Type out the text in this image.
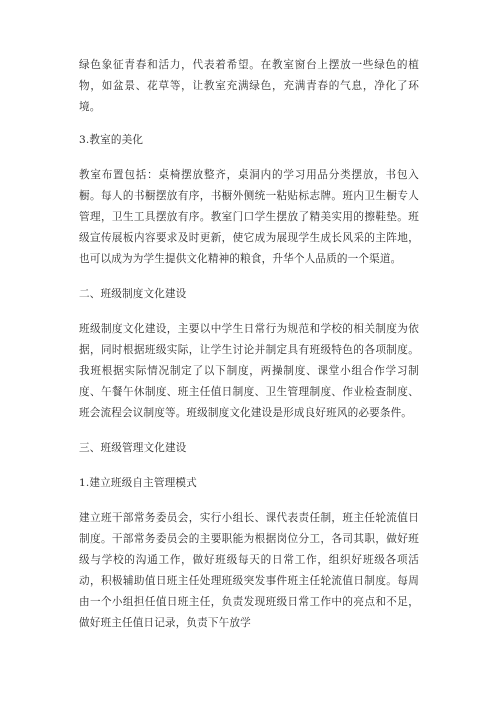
绿色象征青春和活力，代表着希望。在教室窗台上摆放一些绿色的植物，如盆景、花草等，让教室充满绿色，充满青春的气息，净化了环境。

3.教室的美化

教室布置包括：桌椅摆放整齐，桌洞内的学习用品分类摆放，书包入橱。每人的书橱摆放有序，书橱外侧统一粘贴标志牌。班内卫生橱专人管理，卫生工具摆放有序。教室门口学生摆放了精美实用的擦鞋垫。班级宣传展板内容要求及时更新，使它成为展现学生成长风采的主阵地，也可以成为为学生提供文化精神的粮食，升华个人品质的一个渠道。

二、班级制度文化建设

班级制度文化建设，主要以中学生日常行为规范和学校的相关制度为依据，同时根据班级实际，让学生讨论并制定具有班级特色的各项制度。我班根据实际情况制定了以下制度，两操制度、课堂小组合作学习制度、午餐午休制度、班主任值日制度、卫生管理制度、作业检查制度、班会流程会议制度等。班级制度文化建设是形成良好班风的必要条件。

三、班级管理文化建设

1.建立班级自主管理模式

建立班干部常务委员会，实行小组长、课代表责任制，班主任轮流值日制度。干部常务委员会的主要职能为根据岗位分工，各司其职，做好班级与学校的沟通工作，做好班级每天的日常工作，组织好班级各项活动，积极辅助值日班主任处理班级突发事件班主任轮流值日制度。每周由一个小组担任值日班主任，负责发现班级日常工作中的亮点和不足，做好班主任值日记录，负责下午放学
